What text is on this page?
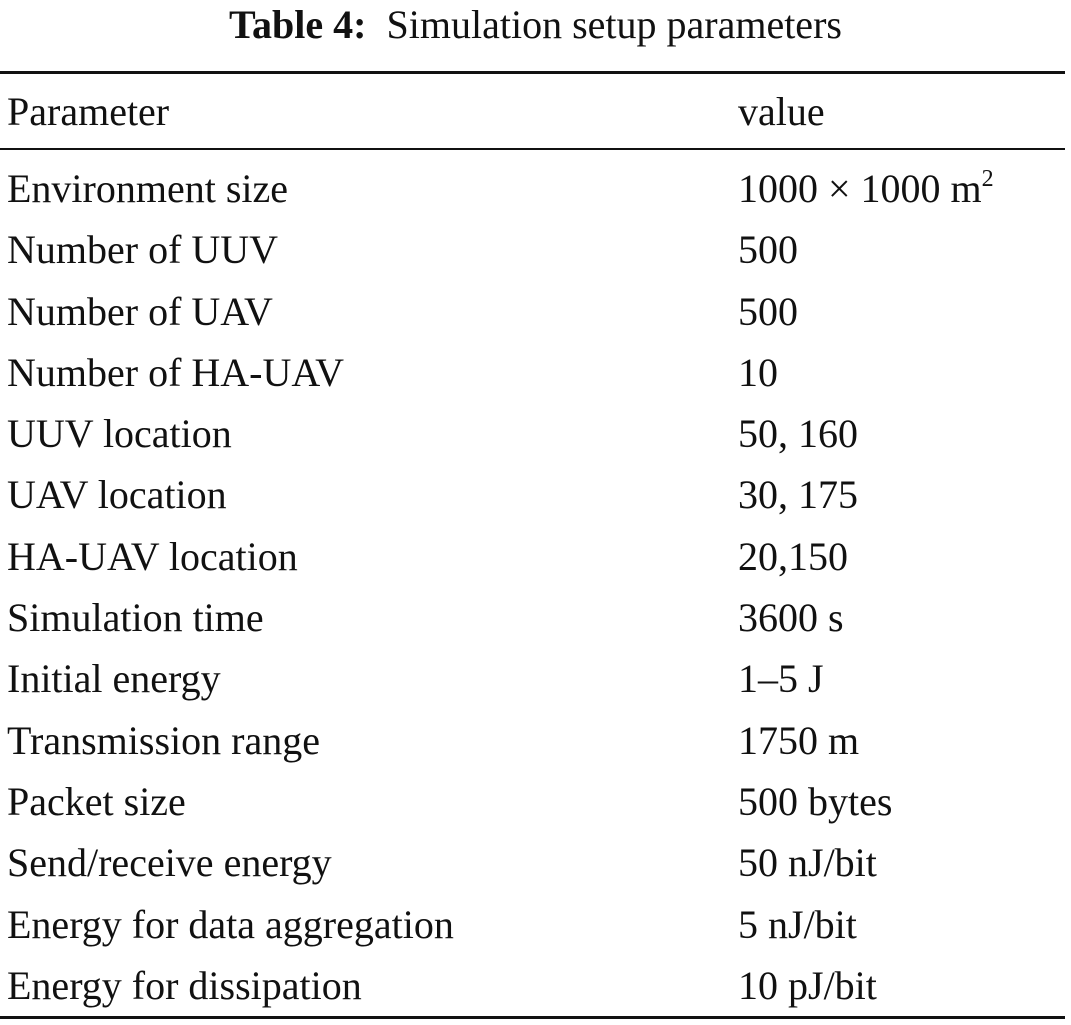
Table 4: Simulation setup parameters
Parameter	value
Environment size	1000 × 1000 $m^2$
Number of UUV	500
Number of UAV	500
Number of HA-UAV	10
UUV location	50, 160
UAV location	30, 175
HA-UAV location	20,150
Simulation time	3600 s
Initial energy	1–5 J
Transmission range	1750 m
Packet size	500 bytes
Send/receive energy	50 nJ/bit
Energy for data aggregation	5 nJ/bit
Energy for dissipation	10 pJ/bit
